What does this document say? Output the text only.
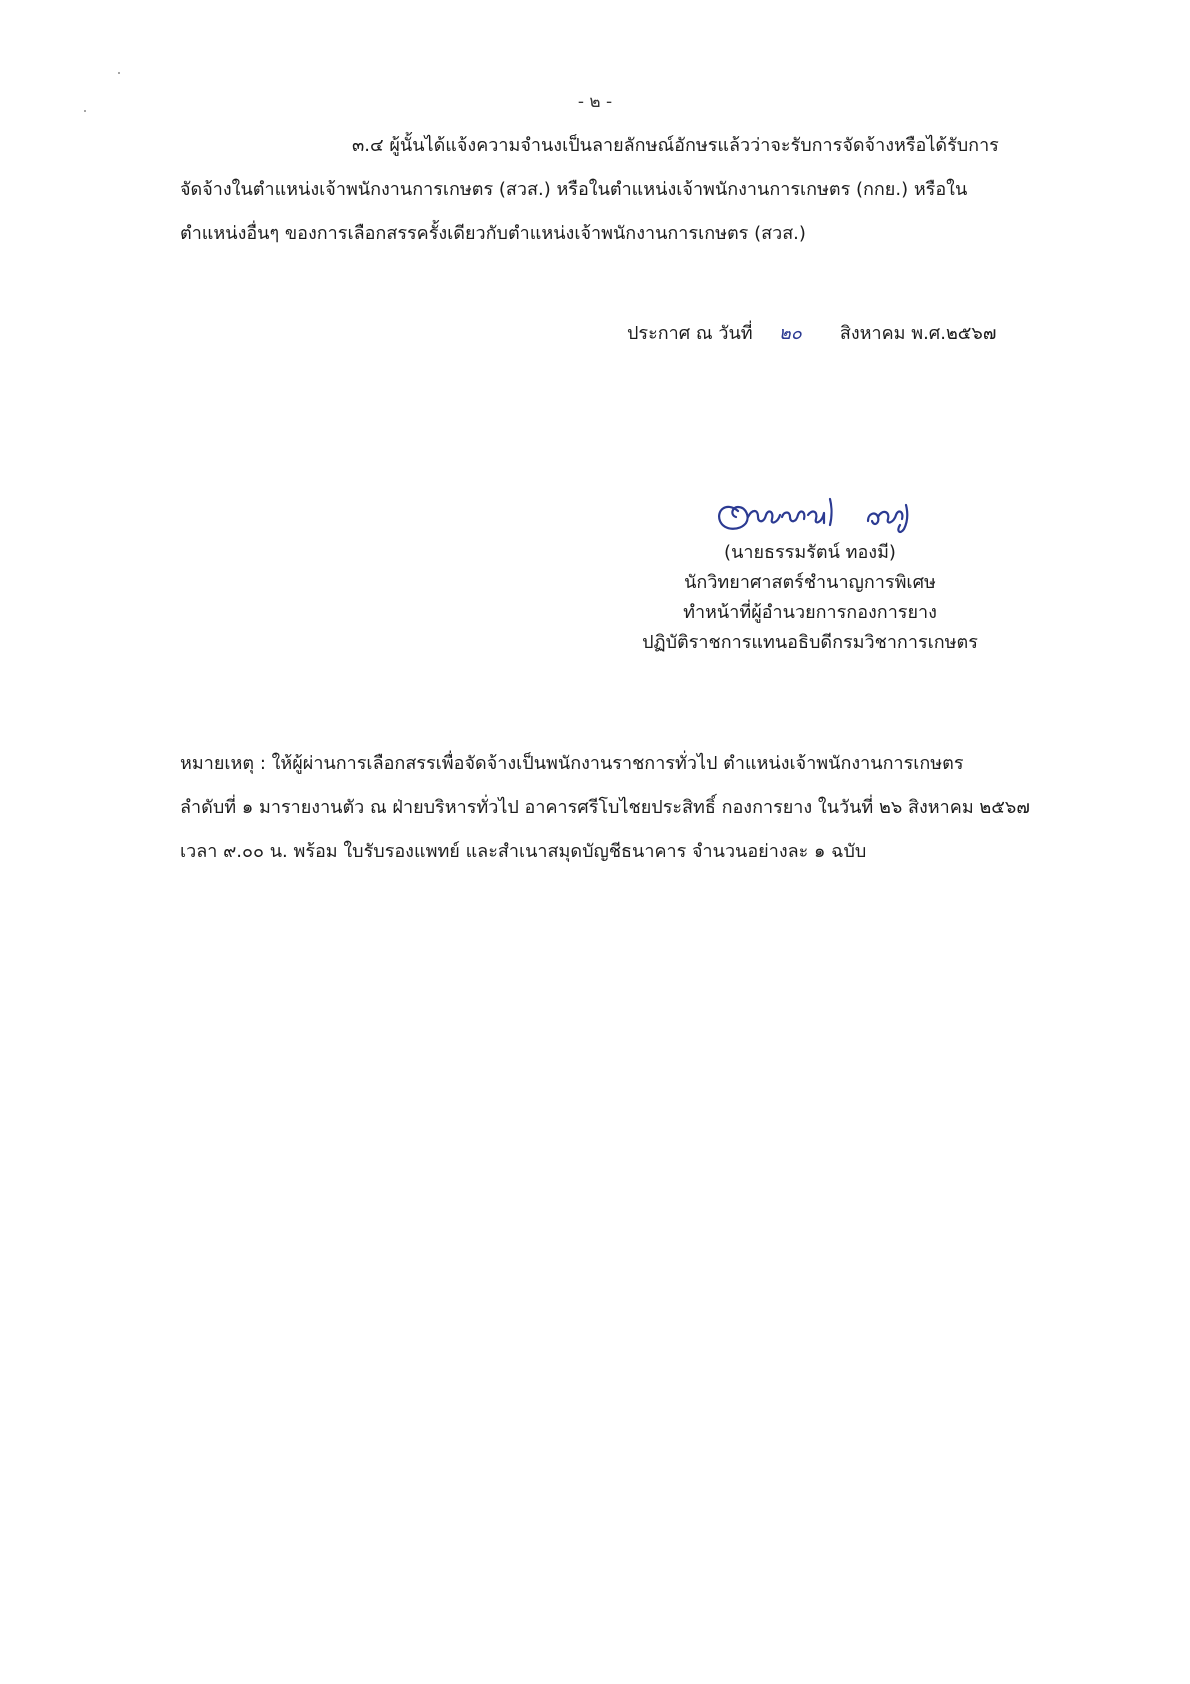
- ๒ -
๓.๔ ผู้นั้นได้แจ้งความจำนงเป็นลายลักษณ์อักษรแล้วว่าจะรับการจัดจ้างหรือได้รับการ
จัดจ้างในตำแหน่งเจ้าพนักงานการเกษตร (สวส.) หรือในตำแหน่งเจ้าพนักงานการเกษตร (กกย.) หรือใน
ตำแหน่งอื่นๆ ของการเลือกสรรครั้งเดียวกับตำแหน่งเจ้าพนักงานการเกษตร (สวส.)
ประกาศ ณ วันที่ ๒๐ สิงหาคม พ.ศ.๒๕๖๗
(นายธรรมรัตน์ ทองมี)
นักวิทยาศาสตร์ชำนาญการพิเศษ
ทำหน้าที่ผู้อำนวยการกองการยาง
ปฏิบัติราชการแทนอธิบดีกรมวิชาการเกษตร
หมายเหตุ : ให้ผู้ผ่านการเลือกสรรเพื่อจัดจ้างเป็นพนักงานราชการทั่วไป ตำแหน่งเจ้าพนักงานการเกษตร
ลำดับที่ ๑ มารายงานตัว ณ ฝ่ายบริหารทั่วไป อาคารศรีโบไชยประสิทธิ์ กองการยาง ในวันที่ ๒๖ สิงหาคม ๒๕๖๗
เวลา ๙.๐๐ น. พร้อม ใบรับรองแพทย์ และสำเนาสมุดบัญชีธนาคาร จำนวนอย่างละ ๑ ฉบับ
